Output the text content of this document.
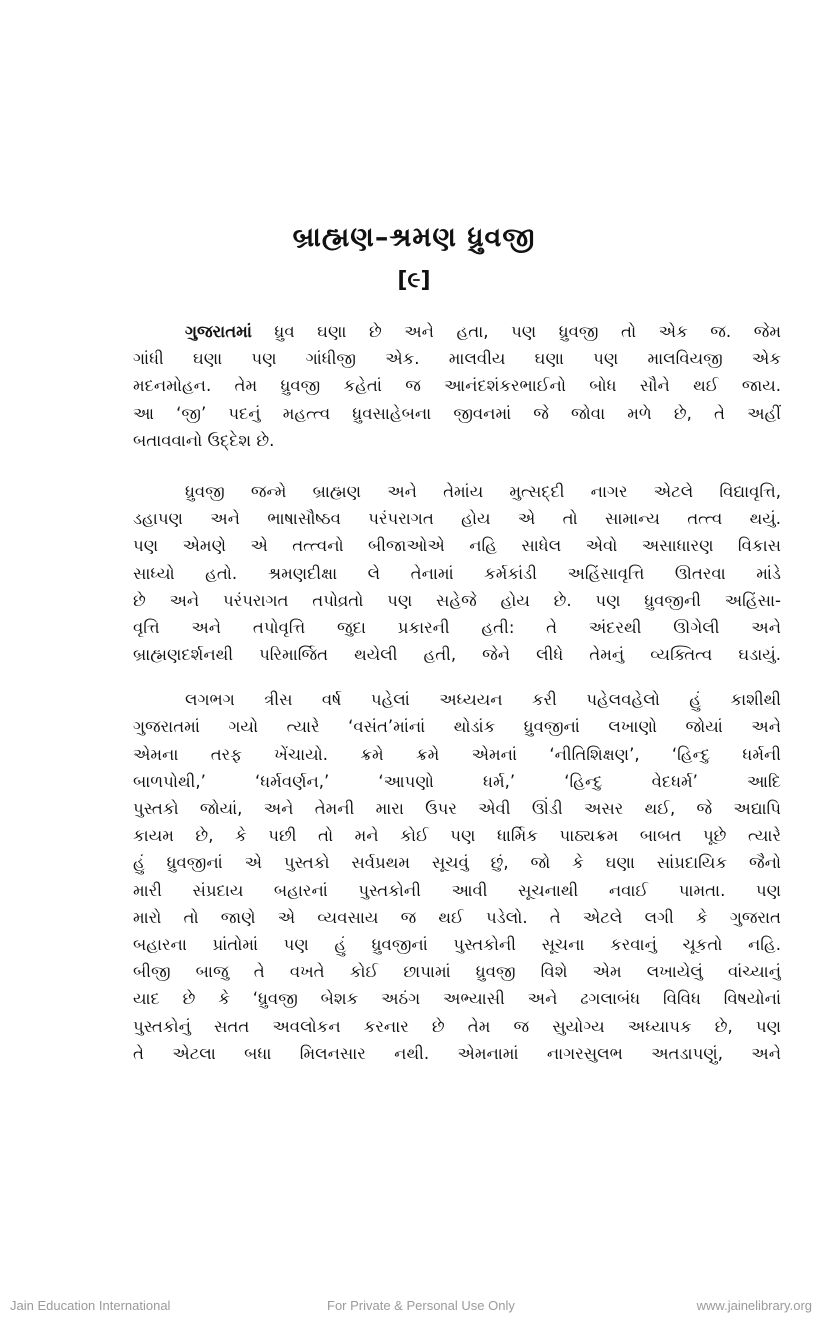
બ્રાહ્મણ–શ્રમણ ધ્રુવજી
[૯]

ગુજરાતમાં ધ્રુવ ઘણા છે અને હતા, પણ ધ્રુવજી તો એક જ. જેમ
ગાંધી ઘણા પણ ગાંધીજી એક. માલવીય ઘણા પણ માલવિયજી એક
મદનમોહન. તેમ ધ્રુવજી કહેતાં જ આનંદશંકરભાઈનો બોધ સૌને થઈ જાય.
આ ‘જી’ પદનું મહત્ત્વ ધ્રુવસાહેબના જીવનમાં જે જોવા મળે છે, તે અહીં
બતાવવાનો ઉદ્દેશ છે.

ધ્રુવજી જન્મે બ્રાહ્મણ અને તેમાંય મુત્સદ્દી નાગર એટલે વિદ્યાવૃત્તિ,
ડહાપણ અને ભાષાસૌષ્ઠવ પરંપરાગત હોય એ તો સામાન્ય તત્ત્વ થયું.
પણ એમણે એ તત્ત્વનો બીજાઓએ નહિ સાધેલ એવો અસાધારણ વિકાસ
સાધ્યો હતો. શ્રમણદીક્ષા લે તેનામાં કર્મકાંડી અહિંસાવૃત્તિ ઊતરવા માંડે
છે અને પરંપરાગત તપોવ્રતો પણ સહેજે હોય છે. પણ ધ્રુવજીની અહિંસા-
વૃત્તિ અને તપોવૃત્તિ જુદા પ્રકારની હતી: તે અંદરથી ઊગેલી અને
બ્રાહ્મણદર્શનથી પરિમાર્જિત થયેલી હતી, જેને લીધે તેમનું વ્યક્તિત્વ ઘડાયું.

લગભગ ત્રીસ વર્ષ પહેલાં અધ્યયન કરી પહેલવહેલો હું કાશીથી
ગુજરાતમાં ગયો ત્યારે ‘વસંત’માંનાં થોડાંક ધ્રુવજીનાં લખાણો જોયાં અને
એમના તરફ ખેંચાયો. ક્રમે ક્રમે એમનાં ‘નીતિશિક્ષણ’, ‘હિન્દુ ધર્મની
બાળપોથી,’ ‘ધર્મવર્ણન,’ ‘આપણો ધર્મ,’ ‘હિન્દુ વેદધર્મ’ આદિ
પુસ્તકો જોયાં, અને તેમની મારા ઉપર એવી ઊંડી અસર થઈ, જે અદ્યાપિ
કાયમ છે, કે પછી તો મને કોઈ પણ ધાર્મિક પાઠ્યક્રમ બાબત પૂછે ત્યારે
હું ધ્રુવજીનાં એ પુસ્તકો સર્વપ્રથમ સૂચવું છું, જો કે ઘણા સાંપ્રદાયિક જૈનો
મારી સંપ્રદાય બહારનાં પુસ્તકોની આવી સૂચનાથી નવાઈ પામતા. પણ
મારો તો જાણે એ વ્યવસાય જ થઈ પડેલો. તે એટલે લગી કે ગુજરાત
બહારના પ્રાંતોમાં પણ હું ધ્રુવજીનાં પુસ્તકોની સૂચના કરવાનું ચૂકતો નહિ.
બીજી બાજુ તે વખતે કોઈ છાપામાં ધ્રુવજી વિશે એમ લખાયેલું વાંચ્યાનું
યાદ છે કે ‘ધ્રુવજી બેશક અઠંગ અભ્યાસી અને ઢગલાબંધ વિવિધ વિષયોનાં
પુસ્તકોનું સતત અવલોકન કરનાર છે તેમ જ સુયોગ્ય અધ્યાપક છે, પણ
તે એટલા બધા મિલનસાર નથી. એમનામાં નાગરસુલભ અતડાપણું, અને

Jain Education International	For Private & Personal Use Only	www.jainelibrary.org
